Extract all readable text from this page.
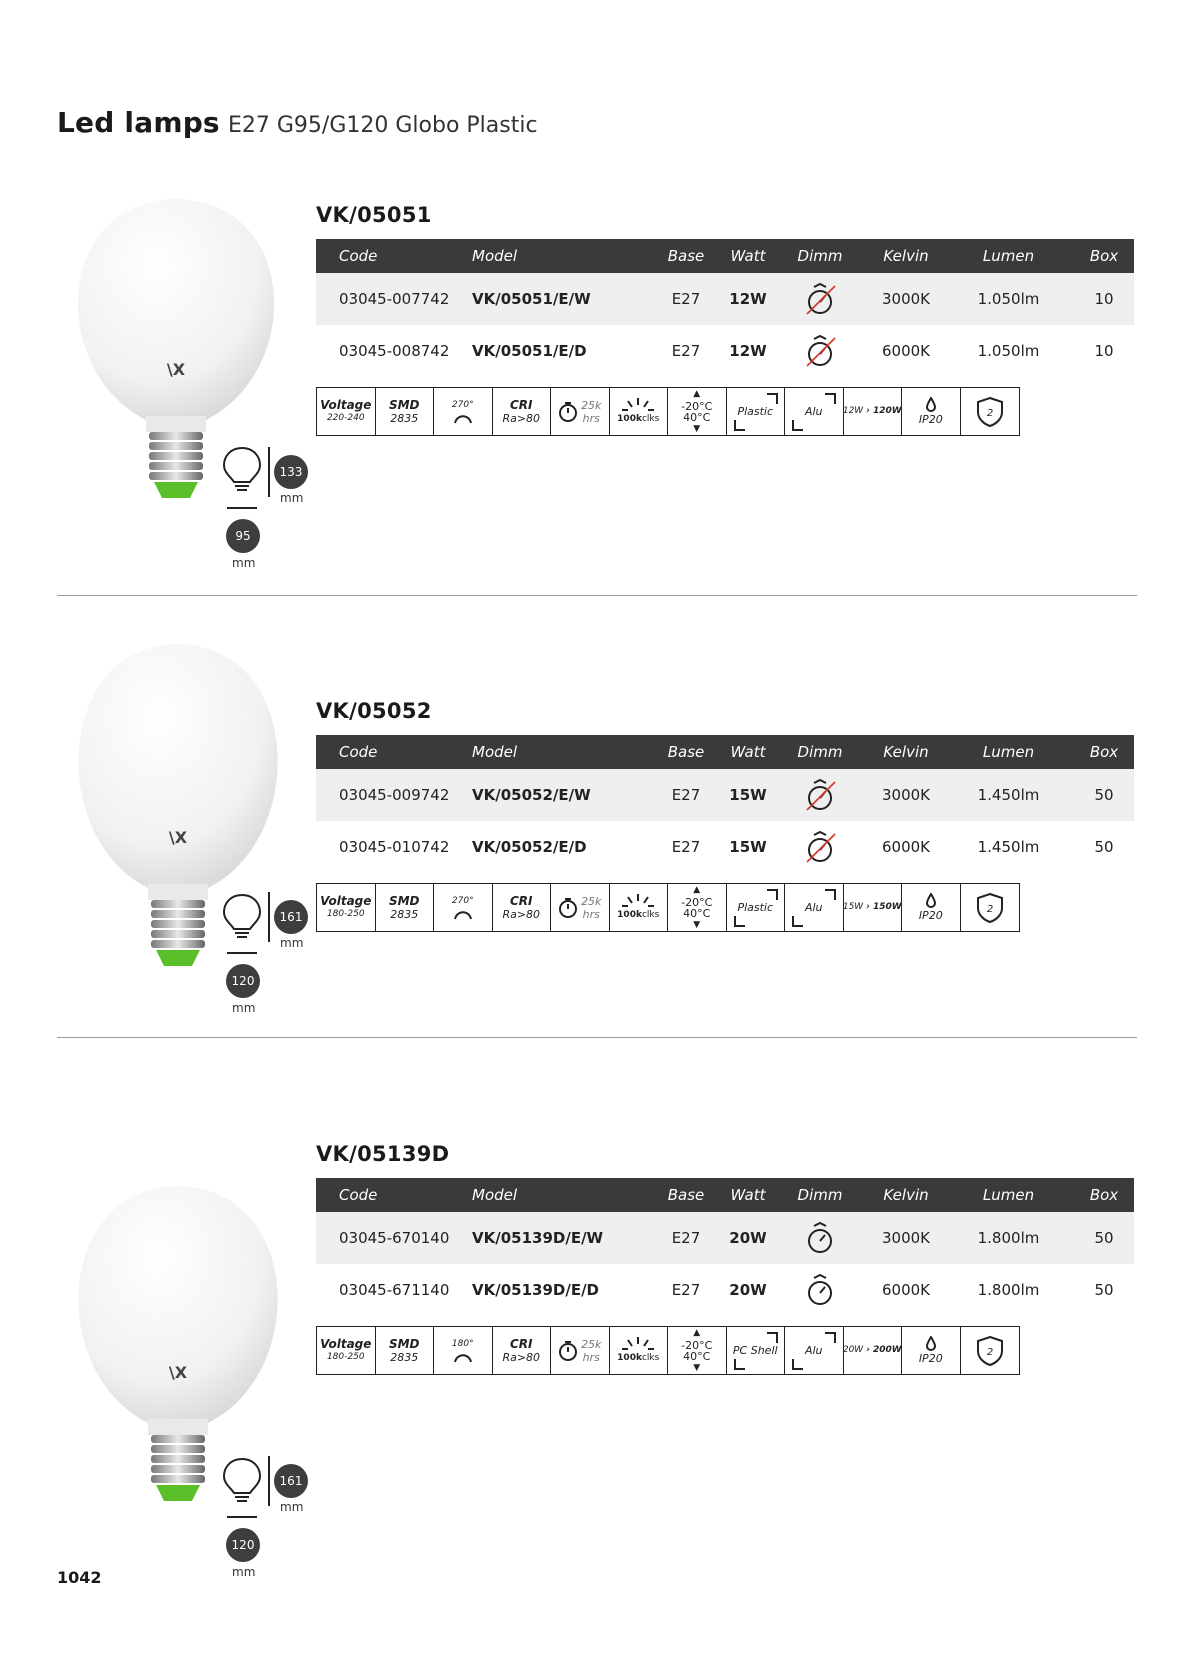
Led lamps E27 G95/G120 Globo Plastic
\X
133
mm
95
mm
VK/05051
Code	Model	Base Watt	Dimm	Kelvin	Lumen	Box
03045-007742 VK/05051/E/W	E27	12W	3000K	1.050lm	10
03045-008742 VK/05051/E/D	E27	12W	6000K	1.050lm	10
Voltage
220-240
SMD
2835
270°	CRI
Ra>80
25k
hrs 100kclks
▲
-20°C
40°C
▼
Plastic	Alu 12W › 120W
IP20	2
\X
161
mm
120
mm
VK/05052
Code	Model	Base Watt	Dimm	Kelvin	Lumen	Box
03045-009742 VK/05052/E/W	E27	15W	3000K	1.450lm	50
03045-010742 VK/05052/E/D	E27	15W	6000K	1.450lm	50
Voltage
180-250
SMD
2835
270°	CRI
Ra>80
25k
hrs 100kclks
▲
-20°C
40°C
▼
Plastic	Alu 15W › 150W
IP20	2
\X
161
mm
120
mm
VK/05139D
Code	Model	Base Watt	Dimm	Kelvin	Lumen	Box
03045-670140 VK/05139D/E/W	E27	20W	3000K	1.800lm	50
03045-671140 VK/05139D/E/D	E27	20W	6000K	1.800lm	50
Voltage
180-250
SMD
2835
180°	CRI
Ra>80
25k
hrs 100kclks
▲
-20°C
40°C
▼
PC Shell Alu 20W › 200W
IP20	2
1042
